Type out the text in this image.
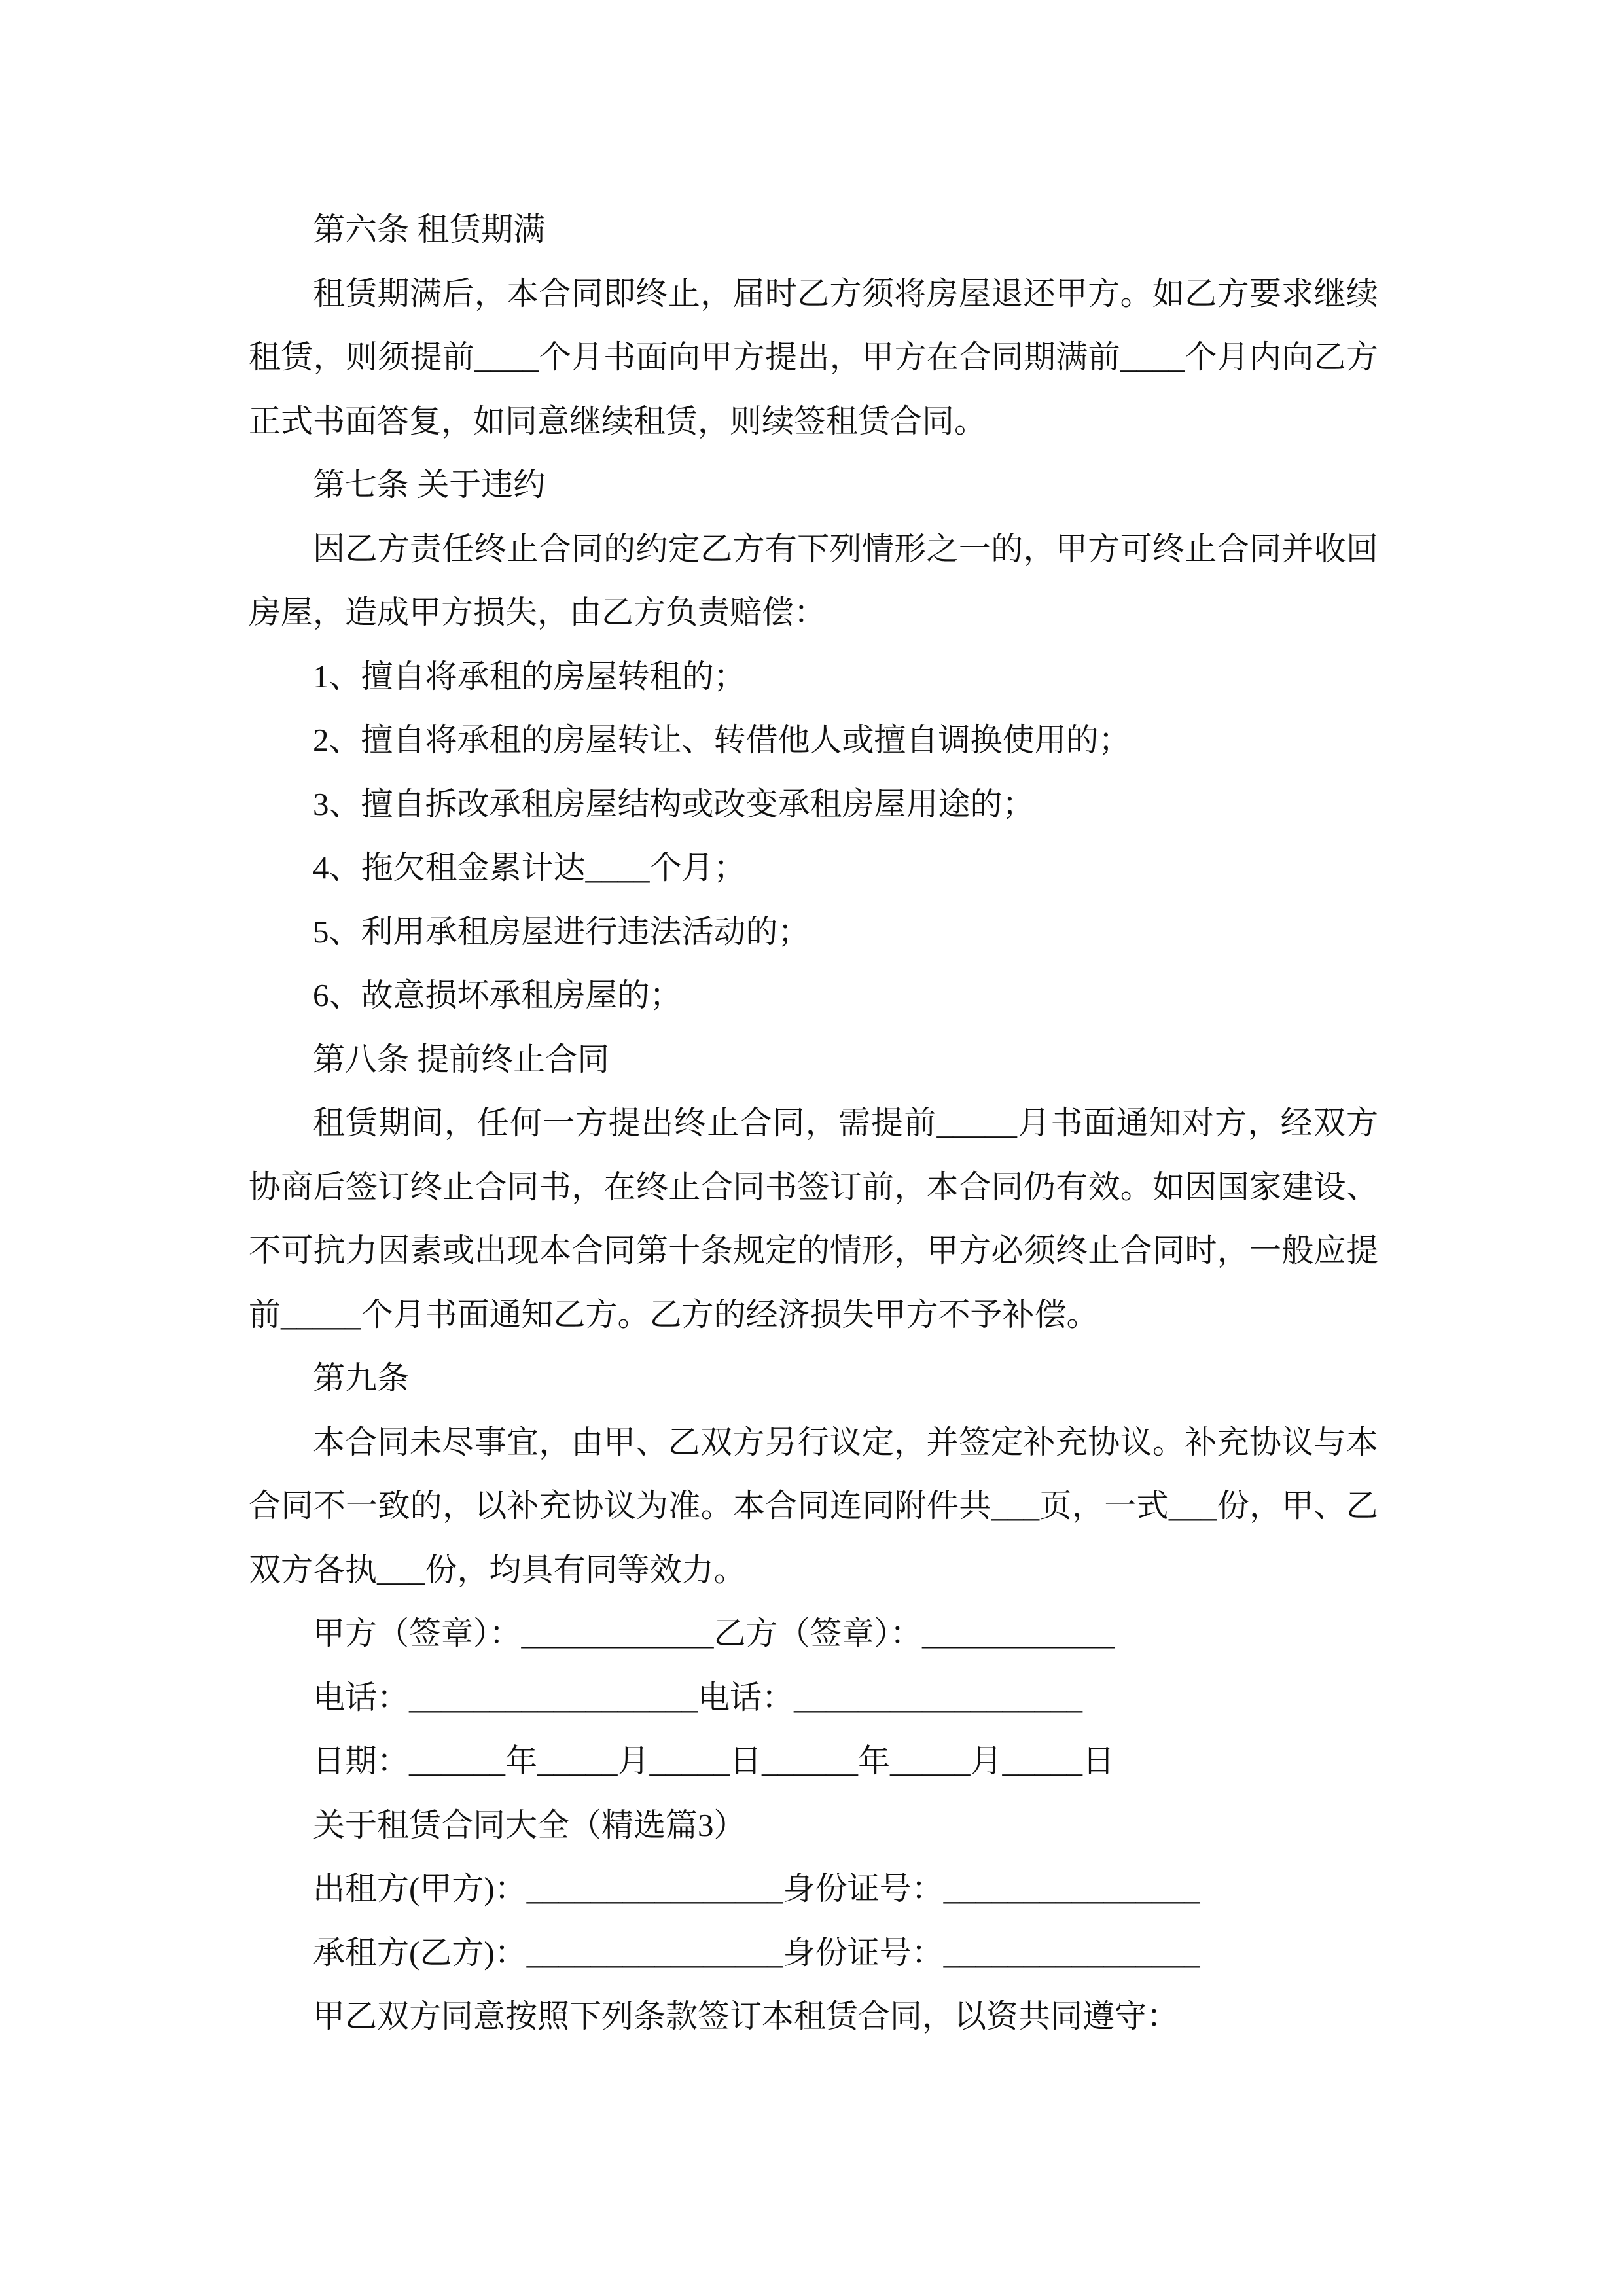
第六条 租赁期满
租赁期满后，本合同即终止，届时乙方须将房屋退还甲方。如乙方要求继续
租赁，则须提前____个月书面向甲方提出，甲方在合同期满前____个月内向乙方
正式书面答复，如同意继续租赁，则续签租赁合同。
第七条 关于违约
因乙方责任终止合同的约定乙方有下列情形之一的，甲方可终止合同并收回
房屋，造成甲方损失，由乙方负责赔偿：
1、擅自将承租的房屋转租的；
2、擅自将承租的房屋转让、转借他人或擅自调换使用的；
3、擅自拆改承租房屋结构或改变承租房屋用途的；
4、拖欠租金累计达____个月；
5、利用承租房屋进行违法活动的；
6、故意损坏承租房屋的；
第八条 提前终止合同
租赁期间，任何一方提出终止合同，需提前_____月书面通知对方，经双方
协商后签订终止合同书，在终止合同书签订前，本合同仍有效。如因国家建设、
不可抗力因素或出现本合同第十条规定的情形，甲方必须终止合同时，一般应提
前_____个月书面通知乙方。乙方的经济损失甲方不予补偿。
第九条
本合同未尽事宜，由甲、乙双方另行议定，并签定补充协议。补充协议与本
合同不一致的，以补充协议为准。本合同连同附件共___页，一式___份，甲、乙
双方各执___份，均具有同等效力。
甲方（签章）：____________乙方（签章）：____________
电话：__________________电话：__________________
日期：______年_____月_____日______年_____月_____日
关于租赁合同大全（精选篇3）
出租方(甲方)：________________身份证号：________________
承租方(乙方)：________________身份证号：________________
甲乙双方同意按照下列条款签订本租赁合同，以资共同遵守：
